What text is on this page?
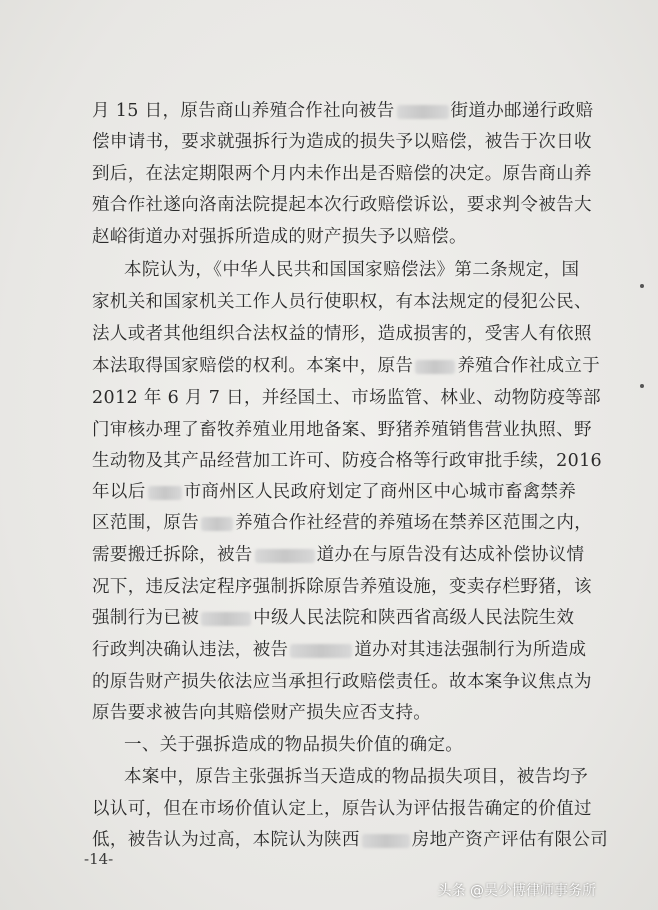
月 15 日，原告商山养殖合作社向被告	街道办邮递行政赔
偿申请书，要求就强拆行为造成的损失予以赔偿，被告于次日收
到后，在法定期限两个月内未作出是否赔偿的决定。原告商山养
殖合作社遂向洛南法院提起本次行政赔偿诉讼，要求判令被告大
赵峪街道办对强拆所造成的财产损失予以赔偿。
本院认为，《中华人民共和国国家赔偿法》第二条规定，国
家机关和国家机关工作人员行使职权，有本法规定的侵犯公民、
法人或者其他组织合法权益的情形，造成损害的，受害人有依照
本法取得国家赔偿的权利。本案中，原告	养殖合作社成立于
2012 年 6 月 7 日，并经国土、市场监管、林业、动物防疫等部
门审核办理了畜牧养殖业用地备案、野猪养殖销售营业执照、野
生动物及其产品经营加工许可、防疫合格等行政审批手续，2016
年以后 市商州区人民政府划定了商州区中心城市畜禽禁养
区范围，原告 养殖合作社经营的养殖场在禁养区范围之内，
需要搬迁拆除，被告	道办在与原告没有达成补偿协议情
况下，违反法定程序强制拆除原告养殖设施，变卖存栏野猪，该
强制行为已被	中级人民法院和陕西省高级人民法院生效
行政判决确认违法，被告	道办对其违法强制行为所造成
的原告财产损失依法应当承担行政赔偿责任。故本案争议焦点为
原告要求被告向其赔偿财产损失应否支持。
一、关于强拆造成的物品损失价值的确定。
本案中，原告主张强拆当天造成的物品损失项目，被告均予
以认可，但在市场价值认定上，原告认为评估报告确定的价值过
低，被告认为过高，本院认为陕西	房地产资产评估有限公司
-14-
头条 @吴少博律师事务所
